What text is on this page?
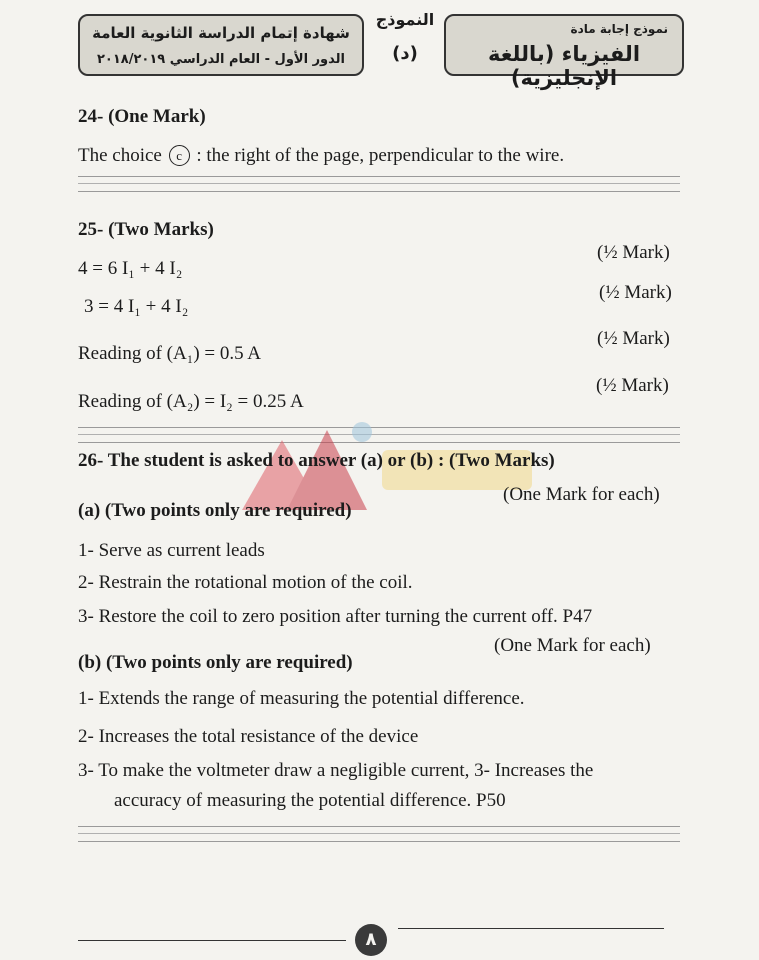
شهادة إتمام الدراسة الثانوية العامة
الدور الأول - العام الدراسي ٢٠١٨/٢٠١٩
النموذج
(د)
نموذج إجابة مادة
الفيزياء (باللغة الإنجليزية)
24- (One Mark)
The choice c : the right of the page, perpendicular to the wire.
25- (Two Marks)
4 = 6 I₁ + 4 I₂
(½ Mark)
3 = 4 I₁ + 4 I₂
(½ Mark)
Reading of (A₁) = 0.5 A
(½ Mark)
Reading of (A₂) = I₂ = 0.25 A
(½ Mark)
26- The student is asked to answer (a) or (b) : (Two Marks)
(a) (Two points only are required)
(One Mark for each)
1- Serve as current leads
2- Restrain the rotational motion of the coil.
3- Restore the coil to zero position after turning the current off. P47
(b) (Two points only are required)
(One Mark for each)
1- Extends the range of measuring the potential difference.
2- Increases the total resistance of the device
3- To make the voltmeter draw a negligible current, 3- Increases the
accuracy of measuring the potential difference. P50
٨
